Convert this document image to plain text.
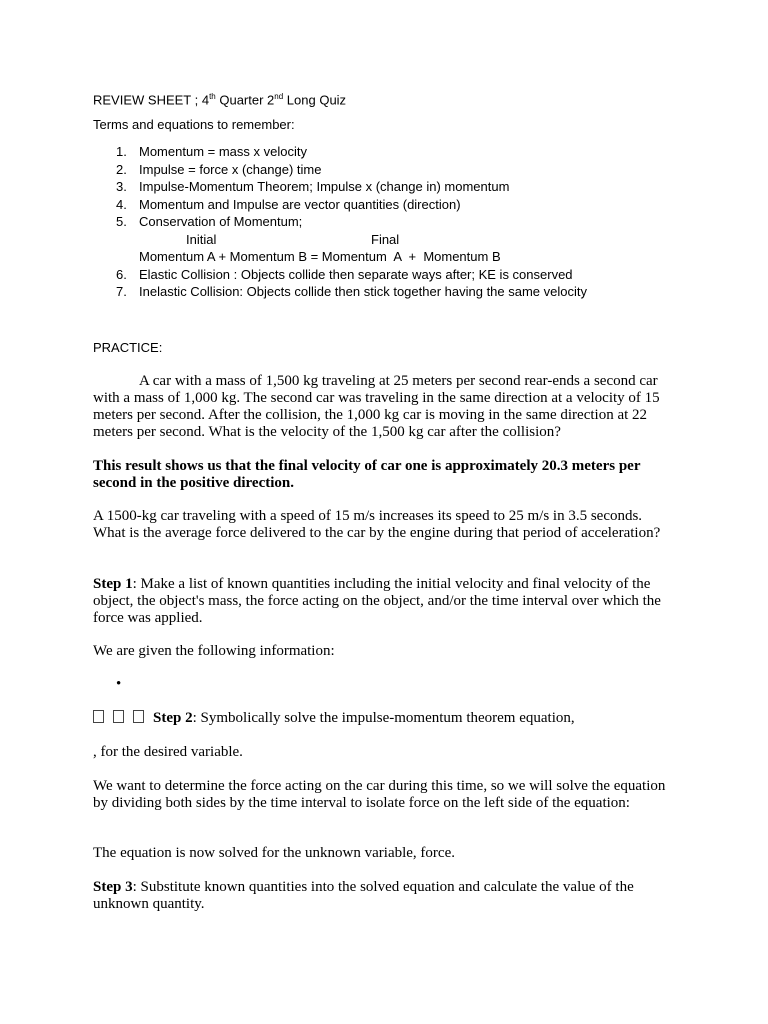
REVIEW SHEET ; 4th Quarter 2nd Long Quiz
Terms and equations to remember:
1. Momentum = mass x velocity
2. Impulse = force x (change) time
3. Impulse-Momentum Theorem; Impulse x (change in) momentum
4. Momentum and Impulse are vector quantities (direction)
5. Conservation of Momentum;
Initial	Final
Momentum A + Momentum B = Momentum  A  +  Momentum B
6. Elastic Collision : Objects collide then separate ways after; KE is conserved
7. Inelastic Collision: Objects collide then stick together having the same velocity
PRACTICE:

A car with a mass of 1,500 kg traveling at 25 meters per second rear-ends a second car with a mass of 1,000 kg. The second car was traveling in the same direction at a velocity of 15 meters per second. After the collision, the 1,000 kg car is moving in the same direction at 22 meters per second. What is the velocity of the 1,500 kg car after the collision?

This result shows us that the final velocity of car one is approximately 20.3 meters per second in the positive direction.

A 1500-kg car traveling with a speed of 15 m/s increases its speed to 25 m/s in 3.5 seconds. What is the average force delivered to the car by the engine during that period of acceleration?

Step 1: Make a list of known quantities including the initial velocity and final velocity of the object, the object's mass, the force acting on the object, and/or the time interval over which the force was applied.

We are given the following information:

•

Step 2: Symbolically solve the impulse-momentum theorem equation,

, for the desired variable.

We want to determine the force acting on the car during this time, so we will solve the equation by dividing both sides by the time interval to isolate force on the left side of the equation:

The equation is now solved for the unknown variable, force.

Step 3: Substitute known quantities into the solved equation and calculate the value of the unknown quantity.
